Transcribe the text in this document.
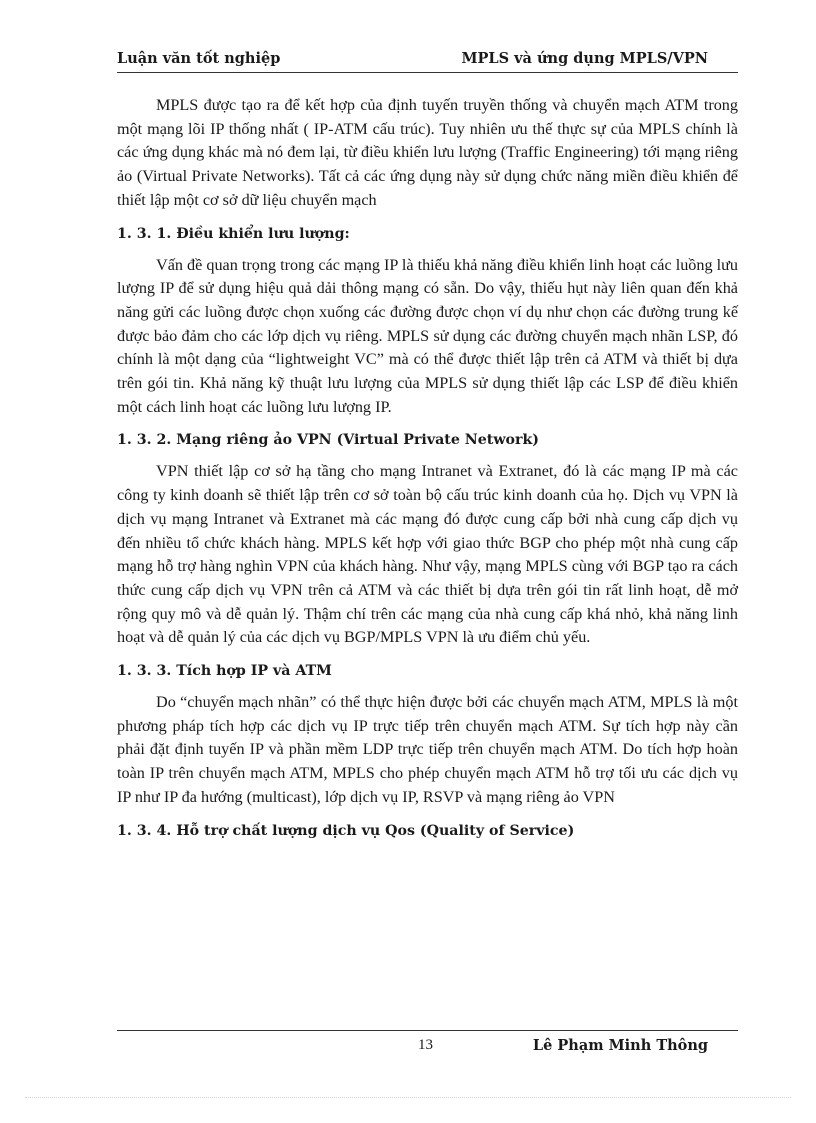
Luận văn tốt nghiệp	MPLS và ứng dụng MPLS/VPN

MPLS được tạo ra để kết hợp của định tuyến truyền thống và chuyển mạch ATM trong một mạng lõi IP thống nhất ( IP-ATM cấu trúc). Tuy nhiên ưu thế thực sự của MPLS chính là các ứng dụng khác mà nó đem lại, từ điều khiển lưu lượng (Traffic Engineering) tới mạng riêng ảo (Virtual Private Networks). Tất cả các ứng dụng này sử dụng chức năng miền điều khiển để thiết lập một cơ sở dữ liệu chuyển mạch

1. 3. 1. Điều khiển lưu lượng:

Vấn đề quan trọng trong các mạng IP là thiếu khả năng điều khiển linh hoạt các luồng lưu lượng IP để sử dụng hiệu quả dải thông mạng có sẵn. Do vậy, thiếu hụt này liên quan đến khả năng gửi các luồng được chọn xuống các đường được chọn ví dụ như chọn các đường trung kế được bảo đảm cho các lớp dịch vụ riêng. MPLS sử dụng các đường chuyển mạch nhãn LSP, đó chính là một dạng của “lightweight VC” mà có thể được thiết lập trên cả ATM và thiết bị dựa trên gói tin. Khả năng kỹ thuật lưu lượng của MPLS sử dụng thiết lập các LSP để điều khiển một cách linh hoạt các luồng lưu lượng IP.

1. 3. 2. Mạng riêng ảo VPN (Virtual Private Network)

VPN thiết lập cơ sở hạ tầng cho mạng Intranet và Extranet, đó là các mạng IP mà các công ty kinh doanh sẽ thiết lập trên cơ sở toàn bộ cấu trúc kinh doanh của họ. Dịch vụ VPN là dịch vụ mạng Intranet và Extranet mà các mạng đó được cung cấp bởi nhà cung cấp dịch vụ đến nhiều tổ chức khách hàng. MPLS kết hợp với giao thức BGP cho phép một nhà cung cấp mạng hỗ trợ hàng nghìn VPN của khách hàng. Như vậy, mạng MPLS cùng với BGP tạo ra cách thức cung cấp dịch vụ VPN trên cả ATM và các thiết bị dựa trên gói tin rất linh hoạt, dễ mở rộng quy mô và dễ quản lý. Thậm chí trên các mạng của nhà cung cấp khá nhỏ, khả năng linh hoạt và dễ quản lý của các dịch vụ BGP/MPLS VPN là ưu điểm chủ yếu.

1. 3. 3. Tích hợp IP và ATM

Do “chuyển mạch nhãn” có thể thực hiện được bởi các chuyển mạch ATM, MPLS là một phương pháp tích hợp các dịch vụ IP trực tiếp trên chuyển mạch ATM. Sự tích hợp này cần phải đặt định tuyến IP và phần mềm LDP trực tiếp trên chuyển mạch ATM. Do tích hợp hoàn toàn IP trên chuyển mạch ATM, MPLS cho phép chuyển mạch ATM hỗ trợ tối ưu các dịch vụ IP như IP đa hướng (multicast), lớp dịch vụ IP, RSVP và mạng riêng ảo VPN

1. 3. 4. Hỗ trợ chất lượng dịch vụ Qos (Quality of Service)
13	Lê Phạm Minh Thông
